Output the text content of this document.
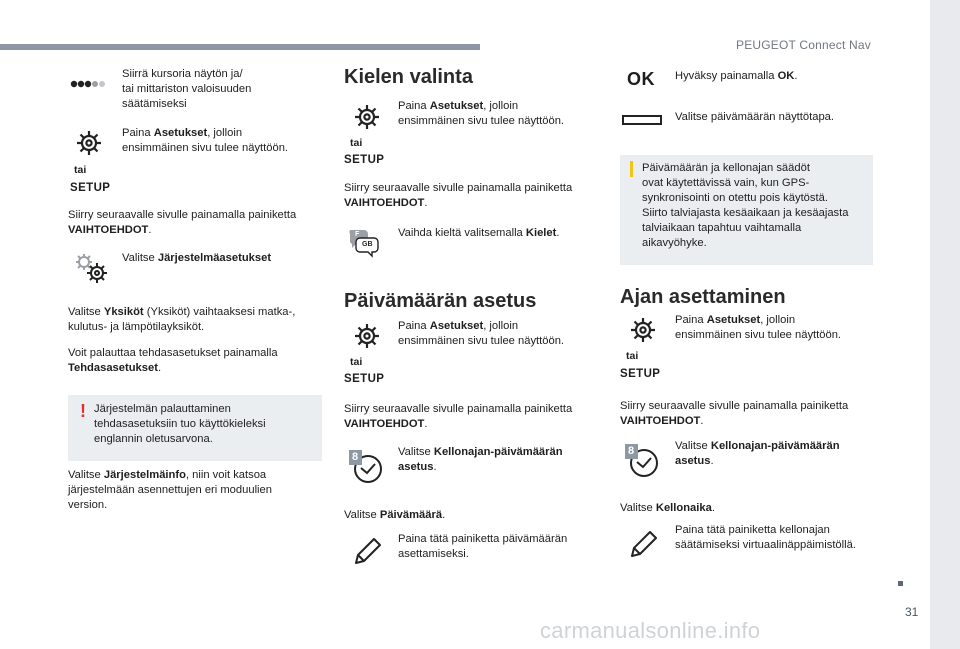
PEUGEOT Connect Nav
31
carmanualsonline.info
Siirrä kursoria näytön ja/
tai mittariston valoisuuden
säätämiseksi
Paina Asetukset, jolloin
ensimmäinen sivu tulee näyttöön.
tai
SETUP
Siirry seuraavalle sivulle painamalla painiketta
VAIHTOEHDOT.
Valitse Järjestelmäasetukset
Valitse Yksiköt (Yksiköt) vaihtaaksesi matka-,
kulutus- ja lämpötilayksiköt.
Voit palauttaa tehdasasetukset painamalla
Tehdasasetukset.
! Järjestelmän palauttaminen
tehdasasetuksiin tuo käyttökieleksi
englannin oletusarvona.
Valitse Järjestelmäinfo, niin voit katsoa
järjestelmään asennettujen eri moduulien
version.
Kielen valinta
Paina Asetukset, jolloin
ensimmäinen sivu tulee näyttöön.
tai
SETUP
Siirry seuraavalle sivulle painamalla painiketta
VAIHTOEHDOT.
F
GB
Vaihda kieltä valitsemalla Kielet.
Päivämäärän asetus
Paina Asetukset, jolloin
ensimmäinen sivu tulee näyttöön.
tai
SETUP
Siirry seuraavalle sivulle painamalla painiketta
VAIHTOEHDOT.
8	Valitse Kellonajan-päivämäärän
asetus.
Valitse Päivämäärä.
Paina tätä painiketta päivämäärän
asettamiseksi.
OK Hyväksy painamalla OK.
Valitse päivämäärän näyttötapa.
Päivämäärän ja kellonajan säädöt
ovat käytettävissä vain, kun GPS-
synkronisointi on otettu pois käytöstä.
Siirto talviajasta kesäaikaan ja kesäajasta
talviaikaan tapahtuu vaihtamalla
aikavyöhyke.
Ajan asettaminen
Paina Asetukset, jolloin
ensimmäinen sivu tulee näyttöön.
tai
SETUP
Siirry seuraavalle sivulle painamalla painiketta
VAIHTOEHDOT.
8	Valitse Kellonajan-päivämäärän
asetus.
Valitse Kellonaika.
Paina tätä painiketta kellonajan
säätämiseksi virtuaalinäppäimistöllä.
